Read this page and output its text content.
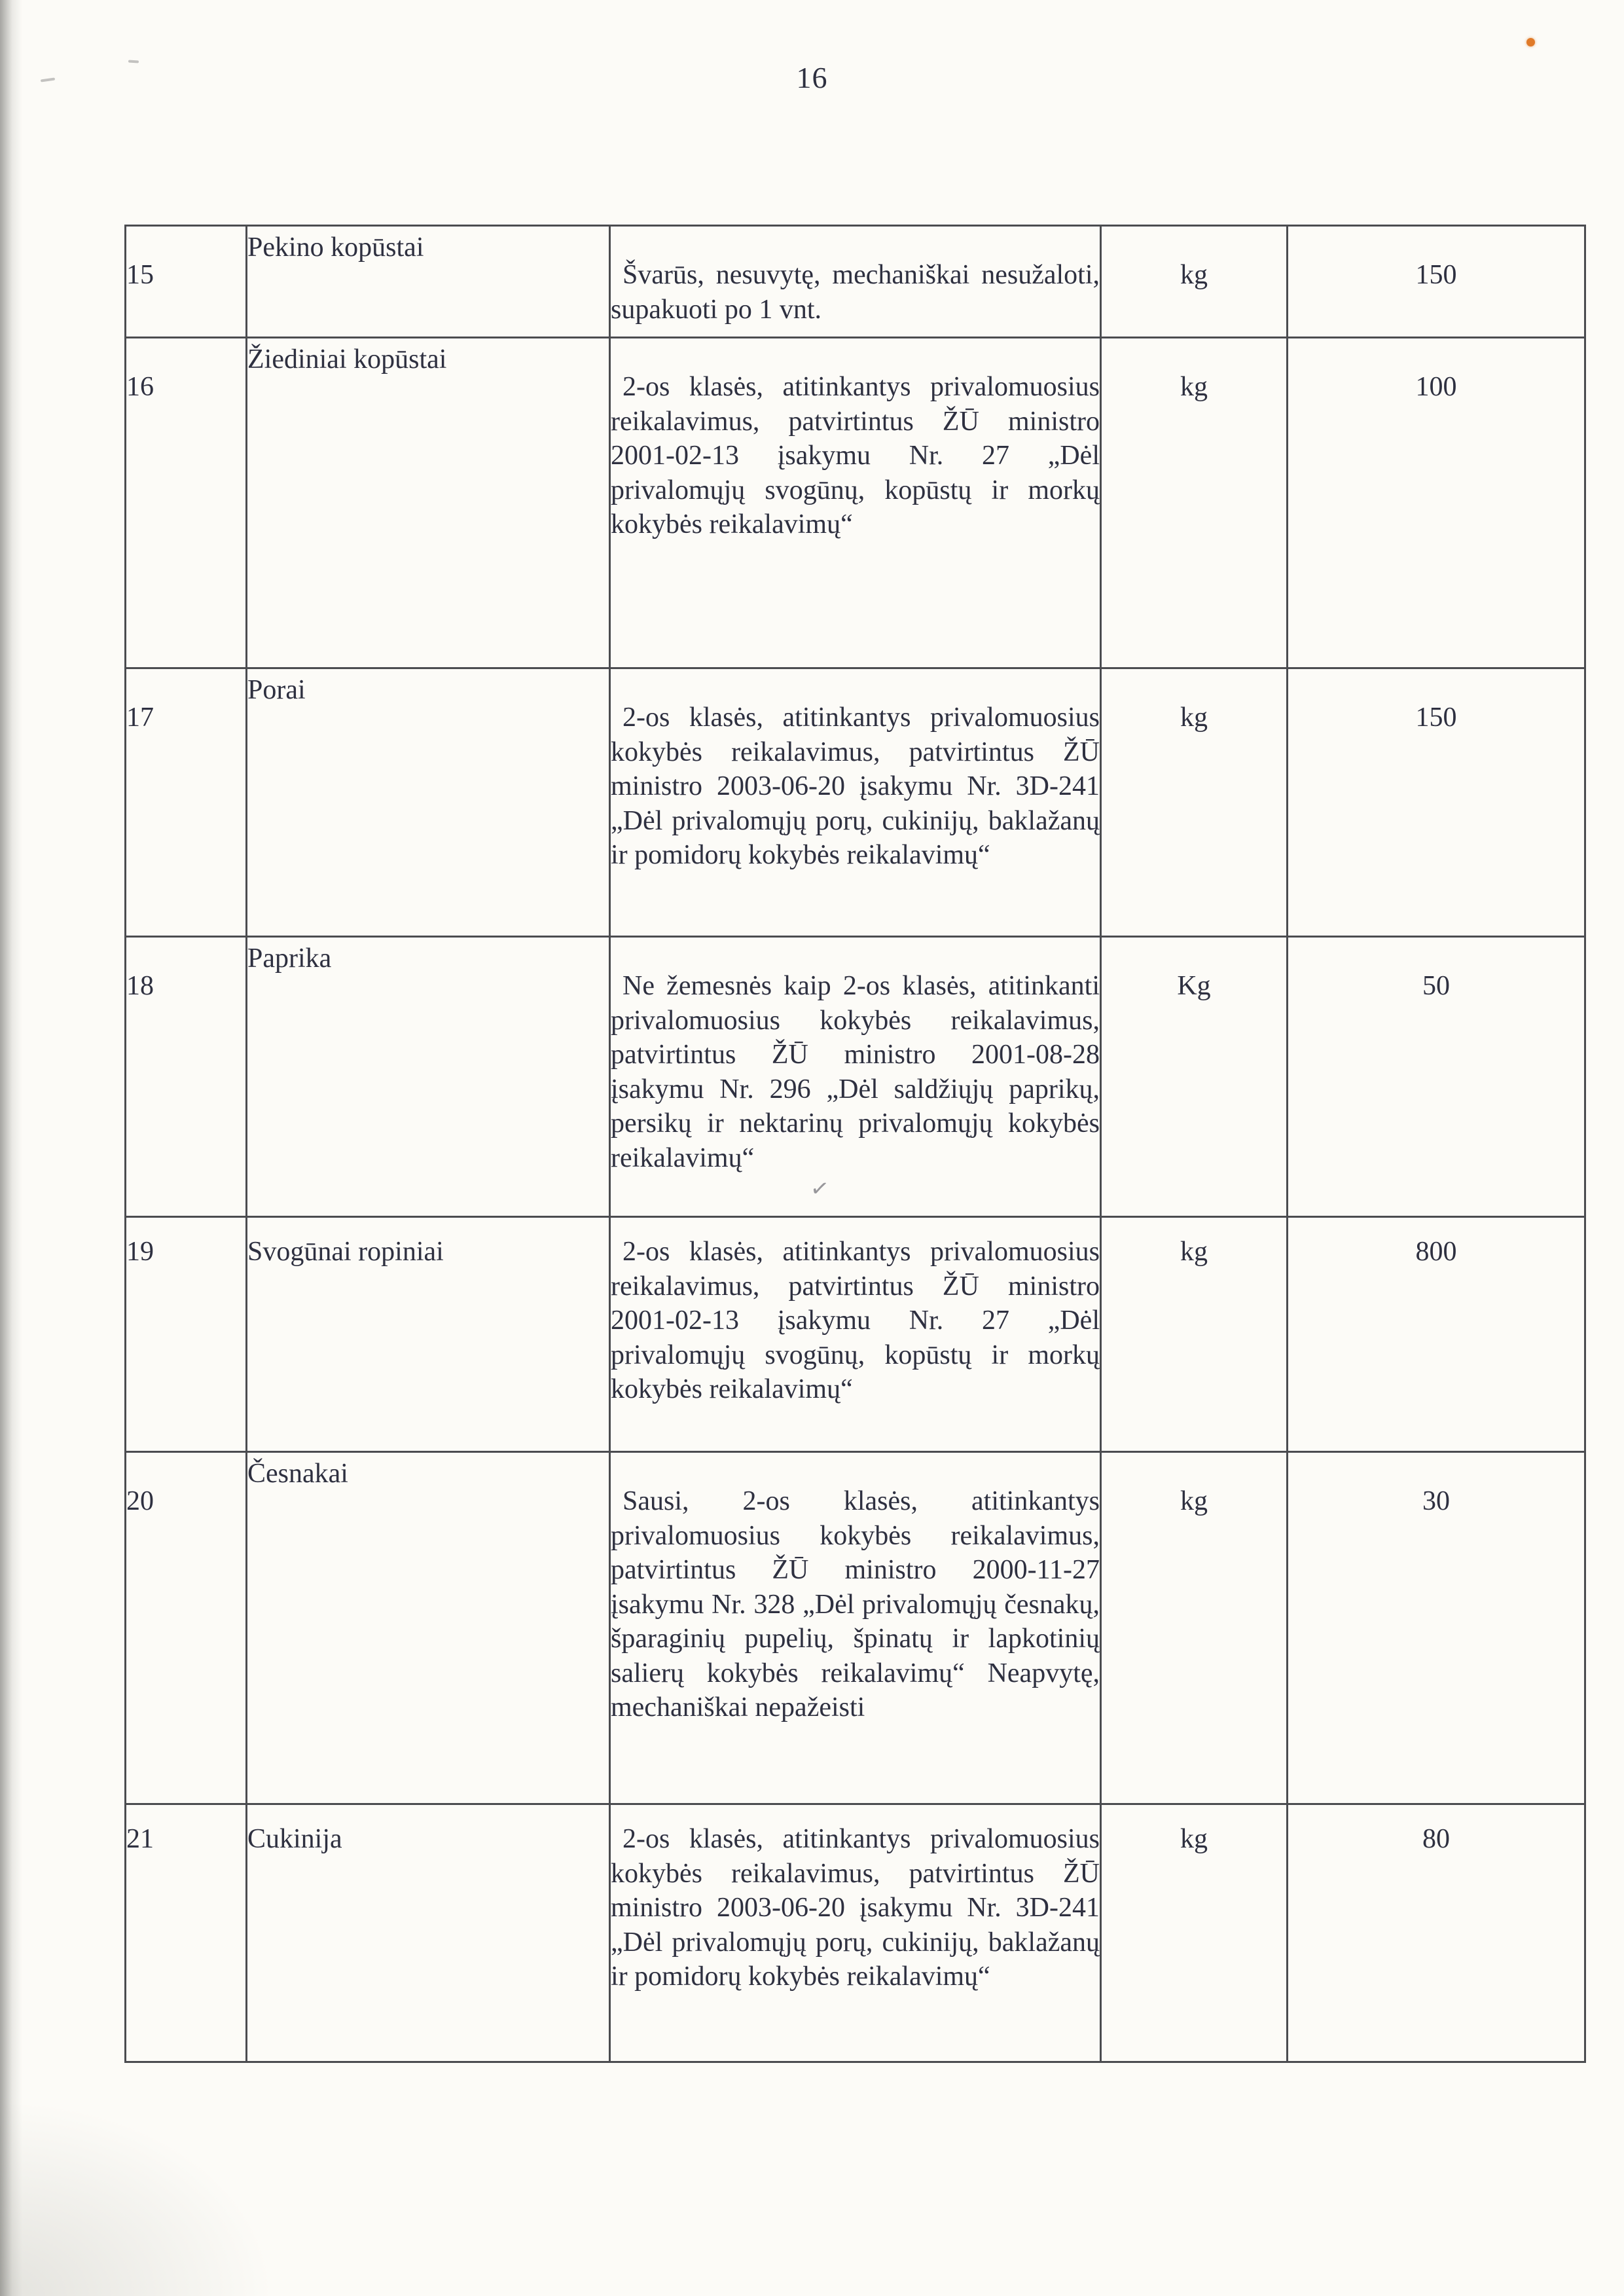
✓
16
15	Pekino kopūstai	Švarūs, nesuvytę, mechaniškai nesužaloti, supakuoti po 1 vnt.	kg	150
16	Žiediniai kopūstai	2-os klasės, atitinkantys privalomuosius reikalavimus, patvirtintus ŽŪ ministro 2001-02-13 įsakymu Nr. 27 „Dėl privalomųjų svogūnų, kopūstų ir morkų kokybės reikalavimų“	kg	100
17	Porai	2-os klasės, atitinkantys privalomuosius kokybės reikalavimus, patvirtintus ŽŪ ministro 2003-06-20 įsakymu Nr. 3D-241 „Dėl privalomųjų porų, cukinijų, baklažanų ir pomidorų kokybės reikalavimų“	kg	150
18	Paprika	Ne žemesnės kaip 2-os klasės, atitinkanti privalomuosius kokybės reikalavimus, patvirtintus ŽŪ ministro 2001-08-28 įsakymu Nr. 296 „Dėl saldžiųjų paprikų, persikų ir nektarinų privalomųjų kokybės reikalavimų“	Kg	50
19	Svogūnai ropiniai	2-os klasės, atitinkantys privalomuosius reikalavimus, patvirtintus ŽŪ ministro 2001-02-13 įsakymu Nr. 27 „Dėl privalomųjų svogūnų, kopūstų ir morkų kokybės reikalavimų“	kg	800
20	Česnakai	Sausi, 2-os klasės, atitinkantys privalomuosius kokybės reikalavimus, patvirtintus ŽŪ ministro 2000-11-27 įsakymu Nr. 328 „Dėl privalomųjų česnakų, šparaginių pupelių, špinatų ir lapkotinių salierų kokybės reikalavimų“ Neapvytę, mechaniškai nepažeisti	kg	30
21	Cukinija	2-os klasės, atitinkantys privalomuosius kokybės reikalavimus, patvirtintus ŽŪ ministro 2003-06-20 įsakymu Nr. 3D-241 „Dėl privalomųjų porų, cukinijų, baklažanų ir pomidorų kokybės reikalavimų“	kg	80
